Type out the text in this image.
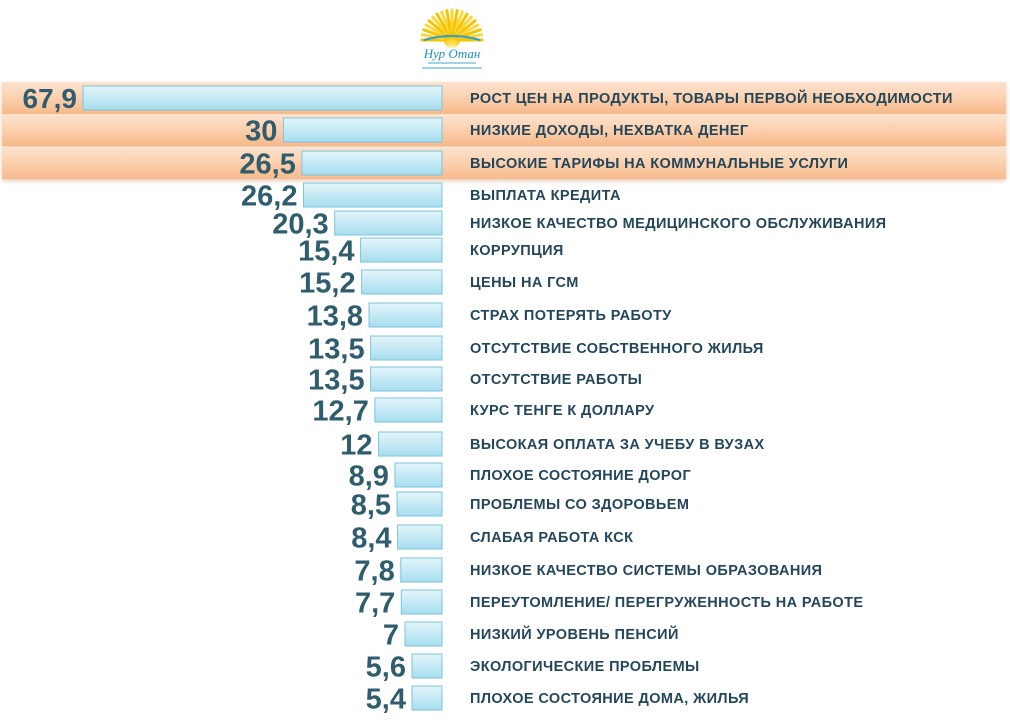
Нур Отан
67,9
30
26,5
26,2
20,3
15,4
15,2
13,8
13,5
13,5
12,7
12
8,9
8,5
8,4
7,8
7,7
7
5,6
5,4
РОСТ ЦЕН НА ПРОДУКТЫ, ТОВАРЫ ПЕРВОЙ НЕОБХОДИМОСТИ
НИЗКИЕ ДОХОДЫ, НЕХВАТКА ДЕНЕГ
ВЫСОКИЕ ТАРИФЫ НА КОММУНАЛЬНЫЕ УСЛУГИ
ВЫПЛАТА КРЕДИТА
НИЗКОЕ КАЧЕСТВО МЕДИЦИНСКОГО ОБСЛУЖИВАНИЯ
КОРРУПЦИЯ
ЦЕНЫ НА ГСМ
СТРАХ ПОТЕРЯТЬ РАБОТУ
ОТСУТСТВИЕ СОБСТВЕННОГО ЖИЛЬЯ
ОТСУТСТВИЕ РАБОТЫ
КУРС ТЕНГЕ К ДОЛЛАРУ
ВЫСОКАЯ ОПЛАТА ЗА УЧЕБУ В ВУЗАХ
ПЛОХОЕ СОСТОЯНИЕ ДОРОГ
ПРОБЛЕМЫ СО ЗДОРОВЬЕМ
СЛАБАЯ РАБОТА КСК
НИЗКОЕ КАЧЕСТВО СИСТЕМЫ ОБРАЗОВАНИЯ
ПЕРЕУТОМЛЕНИЕ/ ПЕРЕГРУЖЕННОСТЬ НА РАБОТЕ
НИЗКИЙ УРОВЕНЬ ПЕНСИЙ
ЭКОЛОГИЧЕСКИЕ ПРОБЛЕМЫ
ПЛОХОЕ СОСТОЯНИЕ ДОМА, ЖИЛЬЯ
